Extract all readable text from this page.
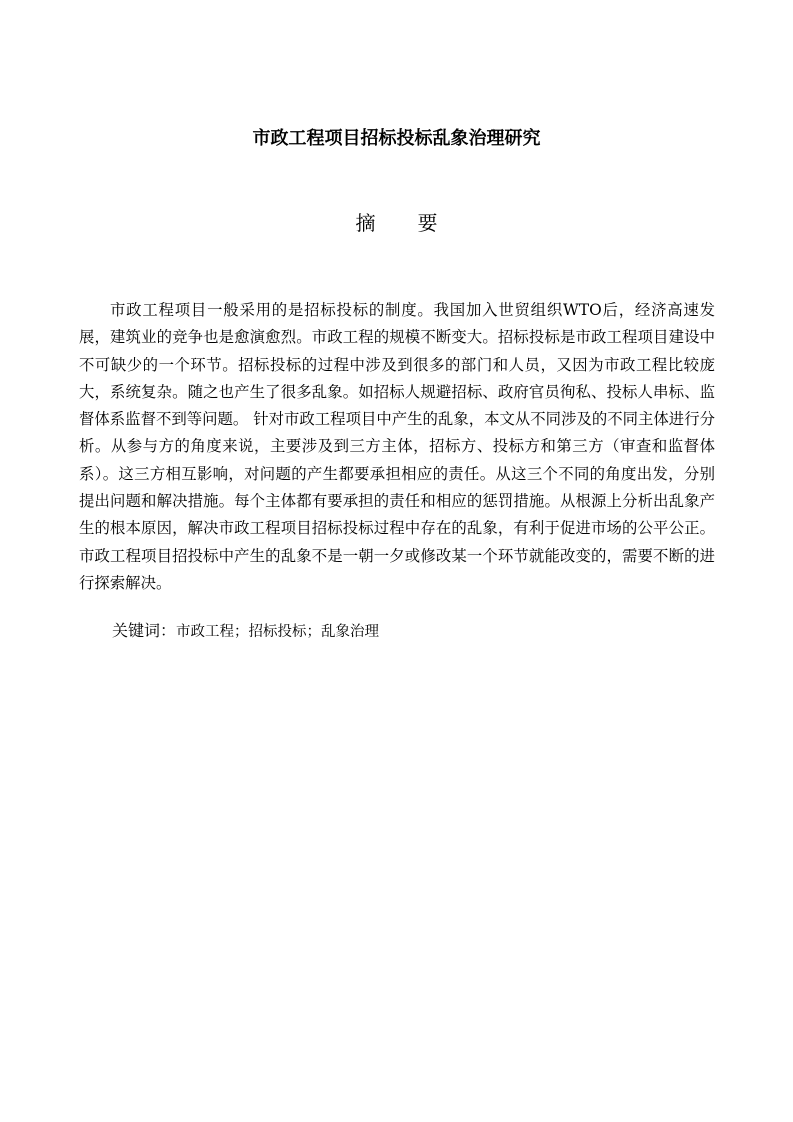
市政工程项目招标投标乱象治理研究
摘 要

市政工程项目一般采用的是招标投标的制度。我国加入世贸组织WTO后，经济高速发展，建筑业的竞争也是愈演愈烈。市政工程的规模不断变大。招标投标是市政工程项目建设中不可缺少的一个环节。招标投标的过程中涉及到很多的部门和人员，又因为市政工程比较庞大，系统复杂。随之也产生了很多乱象。如招标人规避招标、政府官员徇私、投标人串标、监督体系监督不到等问题。 针对市政工程项目中产生的乱象，本文从不同涉及的不同主体进行分析。从参与方的角度来说，主要涉及到三方主体，招标方、投标方和第三方（审查和监督体系）。这三方相互影响，对问题的产生都要承担相应的责任。从这三个不同的角度出发，分别提出问题和解决措施。每个主体都有要承担的责任和相应的惩罚措施。从根源上分析出乱象产生的根本原因，解决市政工程项目招标投标过程中存在的乱象，有利于促进市场的公平公正。市政工程项目招投标中产生的乱象不是一朝一夕或修改某一个环节就能改变的，需要不断的进行探索解决。

关键词：市政工程；招标投标；乱象治理
